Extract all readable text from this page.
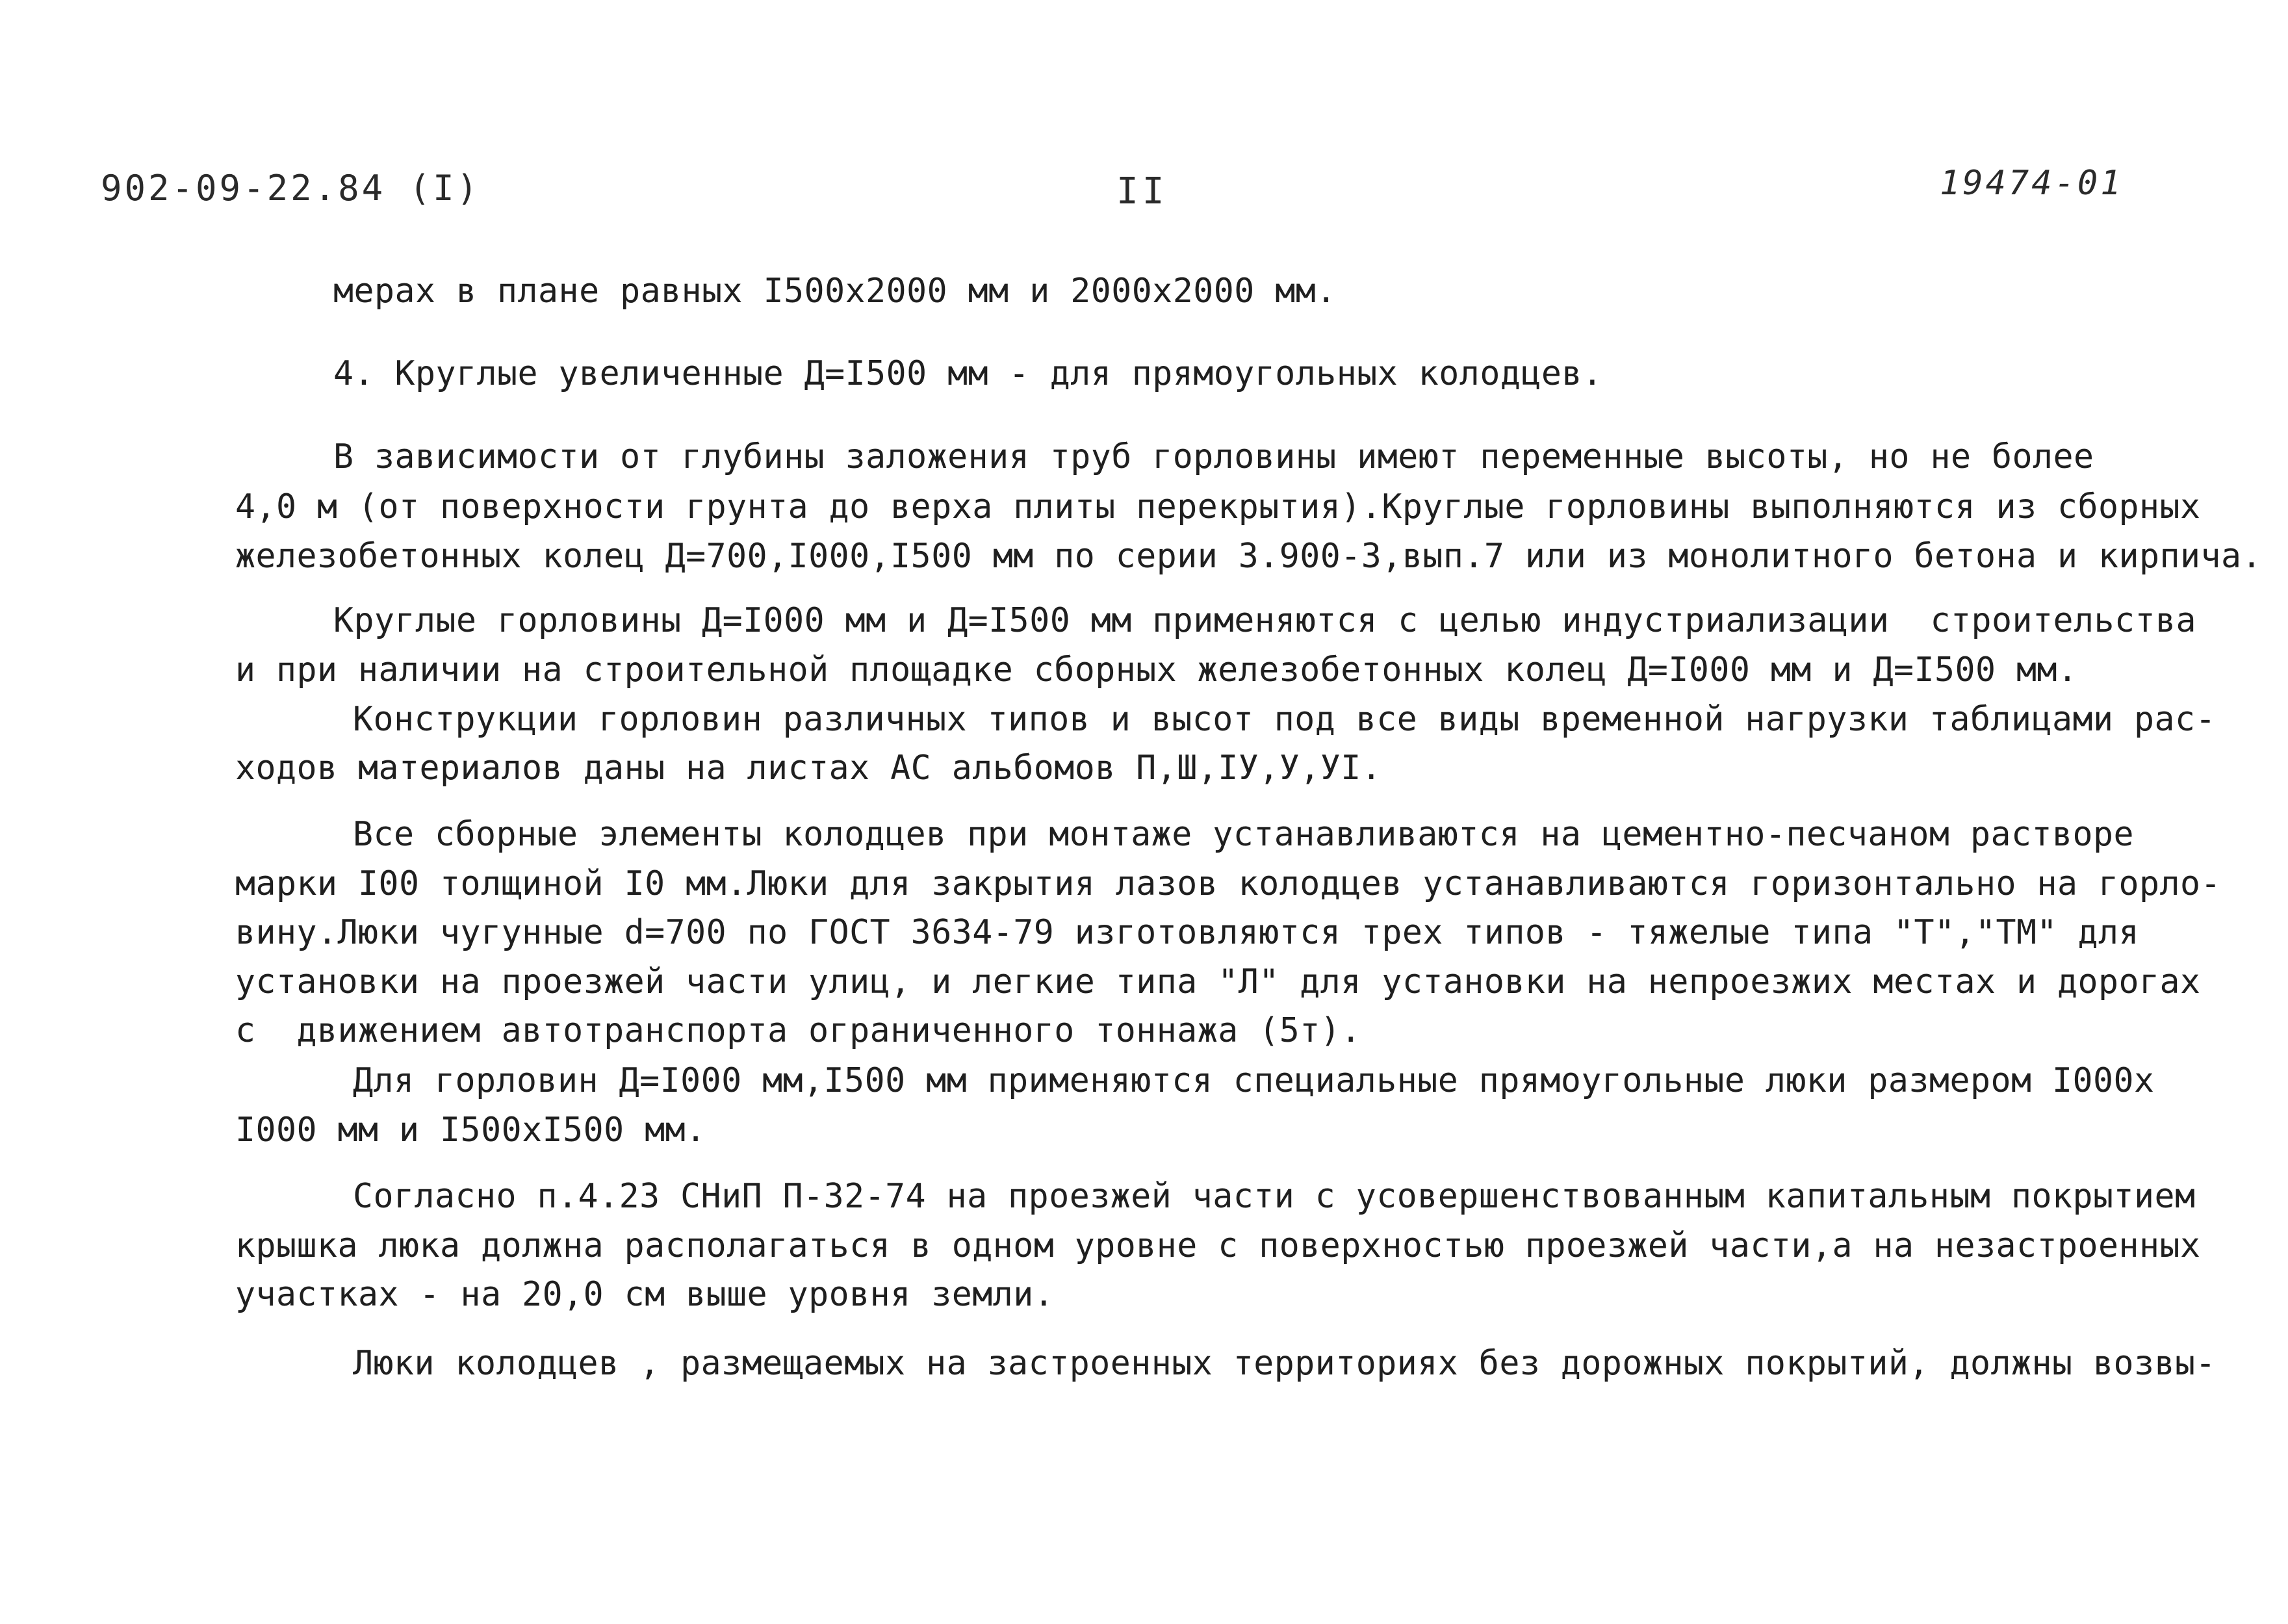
902-09-22.84 (I)	II	19474-01
мерах в плане равных I500х2000 мм и 2000х2000 мм.
4. Круглые увеличенные Д=I500 мм - для прямоугольных колодцев.
В зависимости от глубины заложения труб горловины имеют переменные высоты, но не более
4,0 м (от поверхности грунта до верха плиты перекрытия).Круглые горловины выполняются из сборных
железобетонных колец Д=700,I000,I500 мм по серии 3.900-3,вып.7 или из монолитного бетона и кирпича.
Круглые горловины Д=I000 мм и Д=I500 мм применяются с целью индустриализации  строительства
и при наличии на строительной площадке сборных железобетонных колец Д=I000 мм и Д=I500 мм.
Конструкции горловин различных типов и высот под все виды временной нагрузки таблицами рас-
ходов материалов даны на листах АС альбомов П,Ш,IУ,У,УI.
Все сборные элементы колодцев при монтаже устанавливаются на цементно-песчаном растворе
марки I00 толщиной I0 мм.Люки для закрытия лазов колодцев устанавливаются горизонтально на горло-
вину.Люки чугунные d=700 по ГОСТ 3634-79 изготовляются трех типов - тяжелые типа "Т","ТМ" для
установки на проезжей части улиц, и легкие типа "Л" для установки на непроезжих местах и дорогах
с  движением автотранспорта ограниченного тоннажа (5т).
Для горловин Д=I000 мм,I500 мм применяются специальные прямоугольные люки размером I000х
I000 мм и I500хI500 мм.
Согласно п.4.23 СНиП П-32-74 на проезжей части с усовершенствованным капитальным покрытием
крышка люка должна располагаться в одном уровне с поверхностью проезжей части,а на незастроенных
участках - на 20,0 см выше уровня земли.
Люки колодцев , размещаемых на застроенных территориях без дорожных покрытий, должны возвы-
